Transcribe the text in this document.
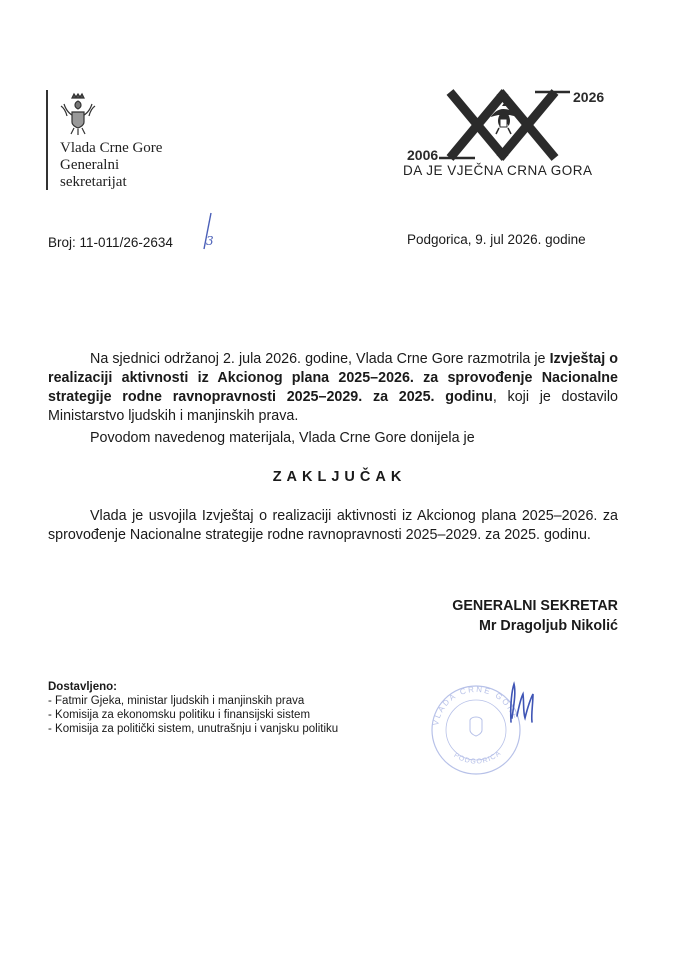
Vlada Crne Gore
Generalni
sekretarijat
2006
2026
DA JE VJEČNA CRNA GORA
Broj: 11-011/26-2634	3	Podgorica, 9. jul 2026. godine
Na sjednici održanoj 2. jula 2026. godine, Vlada Crne Gore razmotrila je Izvještaj o realizaciji aktivnosti iz Akcionog plana 2025–2026. za sprovođenje Nacionalne strategije rodne ravnopravnosti 2025–2029. za 2025. godinu, koji je dostavilo Ministarstvo ljudskih i manjinskih prava.
Povodom navedenog materijala, Vlada Crne Gore donijela je
ZAKLJUČAK
Vlada je usvojila Izvještaj o realizaciji aktivnosti iz Akcionog plana 2025–2026. za sprovođenje Nacionalne strategije rodne ravnopravnosti 2025–2029. za 2025. godinu.
GENERALNI SEKRETAR
Mr Dragoljub Nikolić
Dostavljeno:
- Fatmir Gjeka, ministar ljudskih i manjinskih prava
- Komisija za ekonomsku politiku i finansijski sistem
- Komisija za politički sistem, unutrašnju i vanjsku politiku
VLADA CRNE GORE
PODGORICA
